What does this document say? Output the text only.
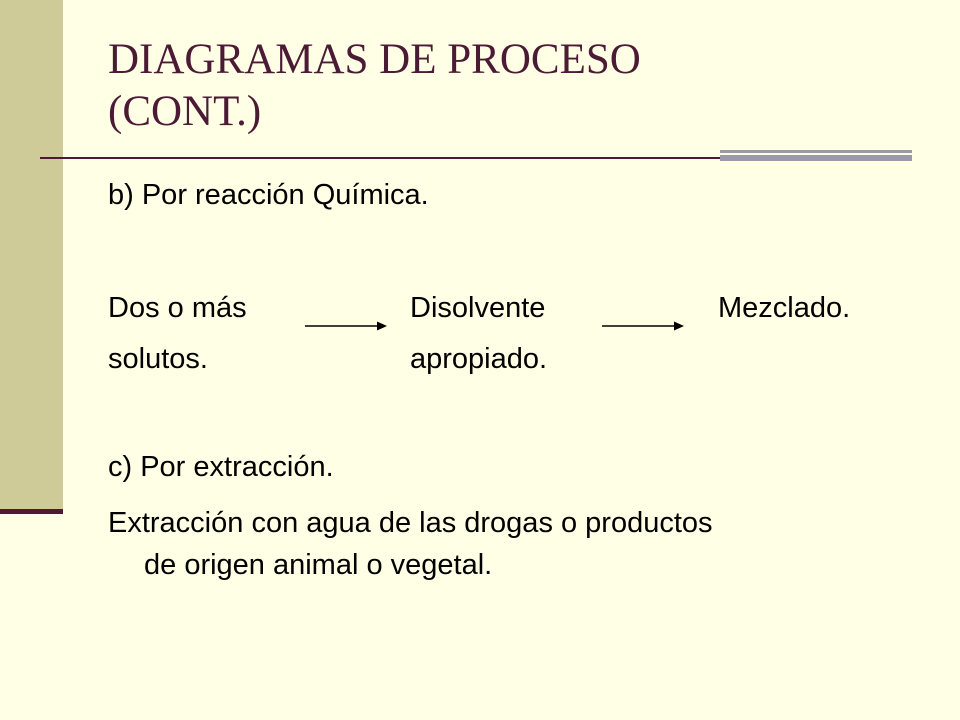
DIAGRAMAS DE PROCESO
(CONT.)

b) Por reacción Química.

Dos o más

solutos.

Disolvente

apropiado.

Mezclado.

c) Por extracción.

Extracción con agua de las drogas o productos

de origen animal o vegetal.
